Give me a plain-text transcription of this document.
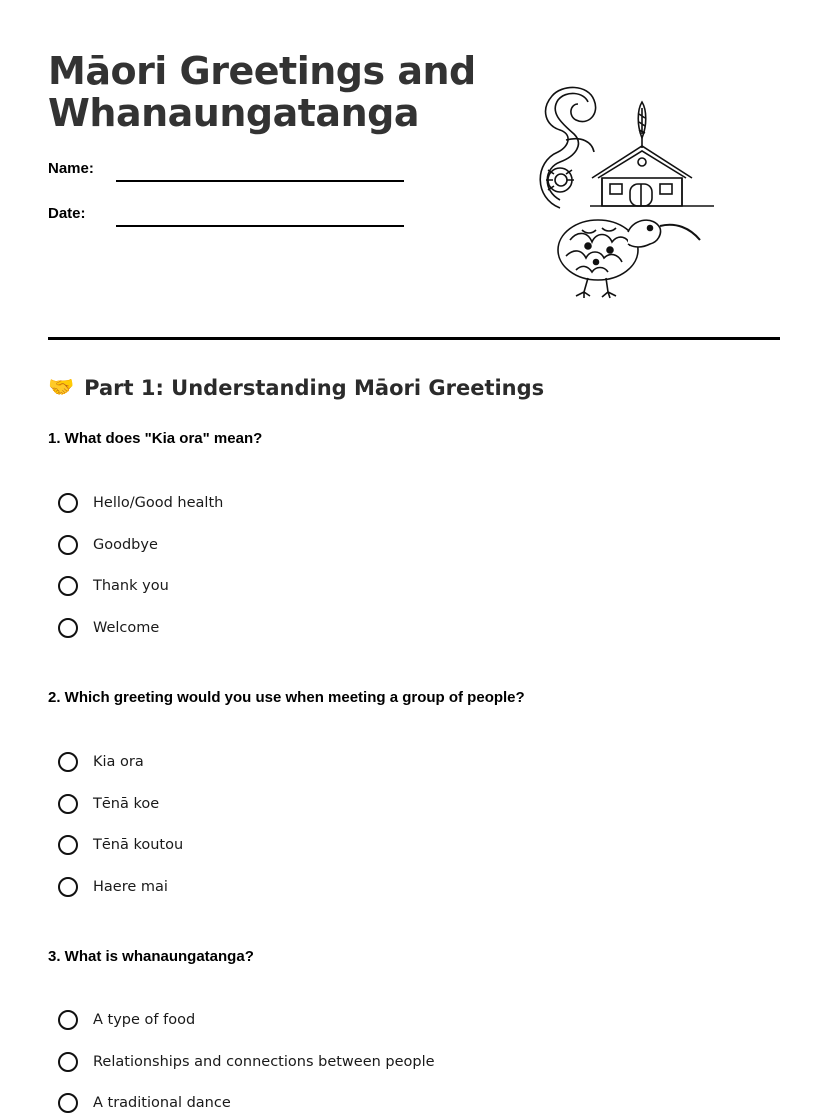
Māori Greetings and Whanaungatanga
Name:
Date:
🤝 Part 1: Understanding Māori Greetings
1. What does "Kia ora" mean?
Hello/Good health
Goodbye
Thank you
Welcome
2. Which greeting would you use when meeting a group of people?
Kia ora
Tēnā koe
Tēnā koutou
Haere mai
3. What is whanaungatanga?
A type of food
Relationships and connections between people
A traditional dance
